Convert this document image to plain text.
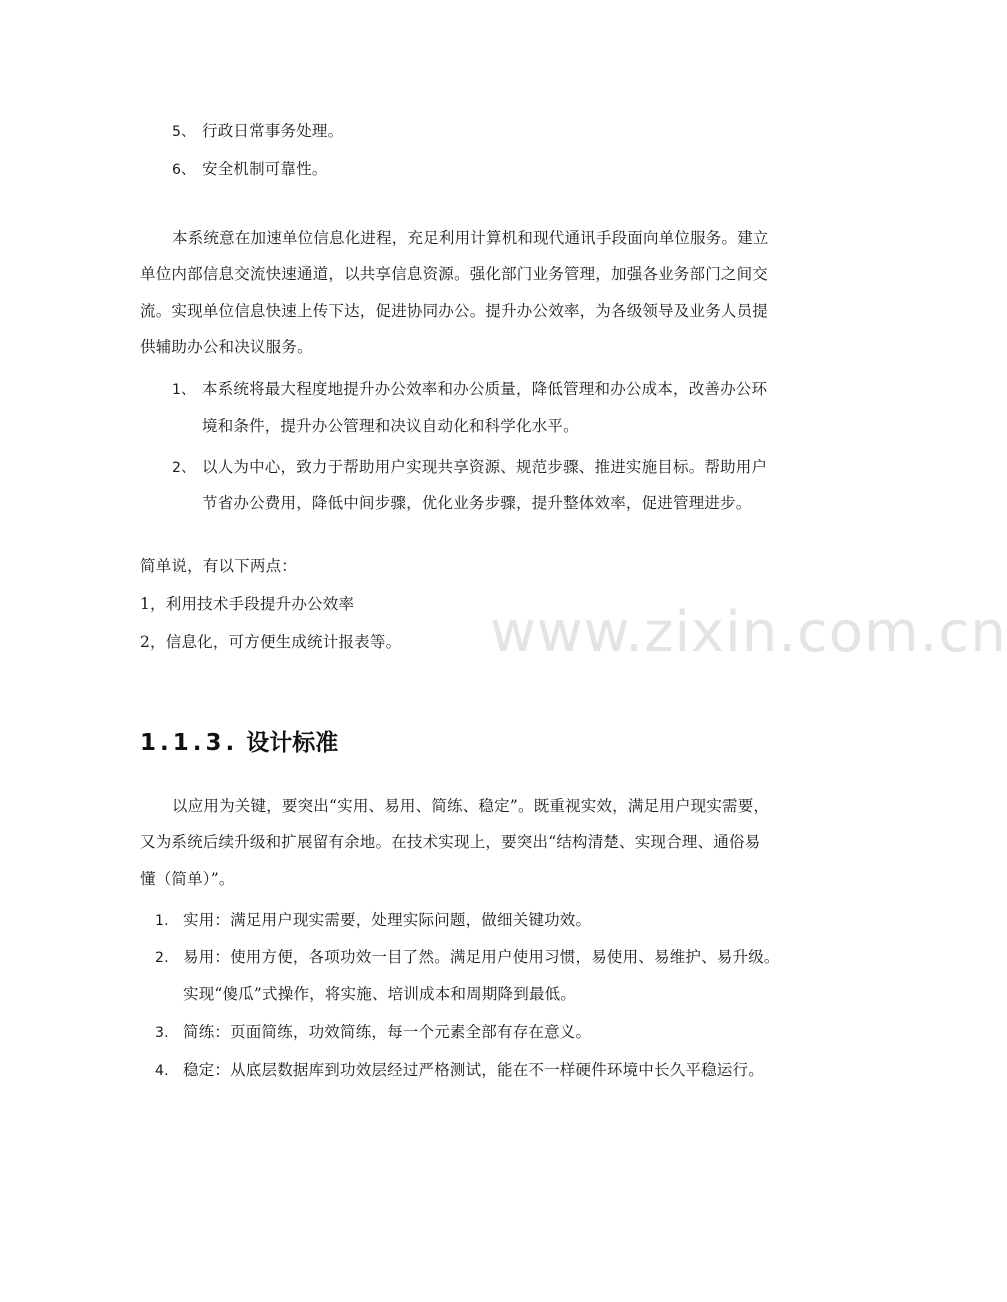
5、 行政日常事务处理。
6、 安全机制可靠性。
本系统意在加速单位信息化进程，充足利用计算机和现代通讯手段面向单位服务。建立
单位内部信息交流快速通道，以共享信息资源。强化部门业务管理，加强各业务部门之间交
流。实现单位信息快速上传下达，促进协同办公。提升办公效率，为各级领导及业务人员提
供辅助办公和决议服务。
1、 本系统将最大程度地提升办公效率和办公质量，降低管理和办公成本，改善办公环
境和条件，提升办公管理和决议自动化和科学化水平。
2、 以人为中心，致力于帮助用户实现共享资源、规范步骤、推进实施目标。帮助用户
节省办公费用，降低中间步骤，优化业务步骤，提升整体效率，促进管理进步。
简单说，有以下两点：
1，利用技术手段提升办公效率
2，信息化，可方便生成统计报表等。 www.zixin.com.cn
1.1.3. 设计标准
以应用为关键，要突出“实用、易用、简练、稳定”。既重视实效，满足用户现实需要，
又为系统后续升级和扩展留有余地。在技术实现上，要突出“结构清楚、实现合理、通俗易
懂（简单）”。
1. 实用：满足用户现实需要，处理实际问题，做细关键功效。
2. 易用：使用方便，各项功效一目了然。满足用户使用习惯，易使用、易维护、易升级。
实现“傻瓜”式操作，将实施、培训成本和周期降到最低。
3. 简练：页面简练，功效简练，每一个元素全部有存在意义。
4. 稳定：从底层数据库到功效层经过严格测试，能在不一样硬件环境中长久平稳运行。
